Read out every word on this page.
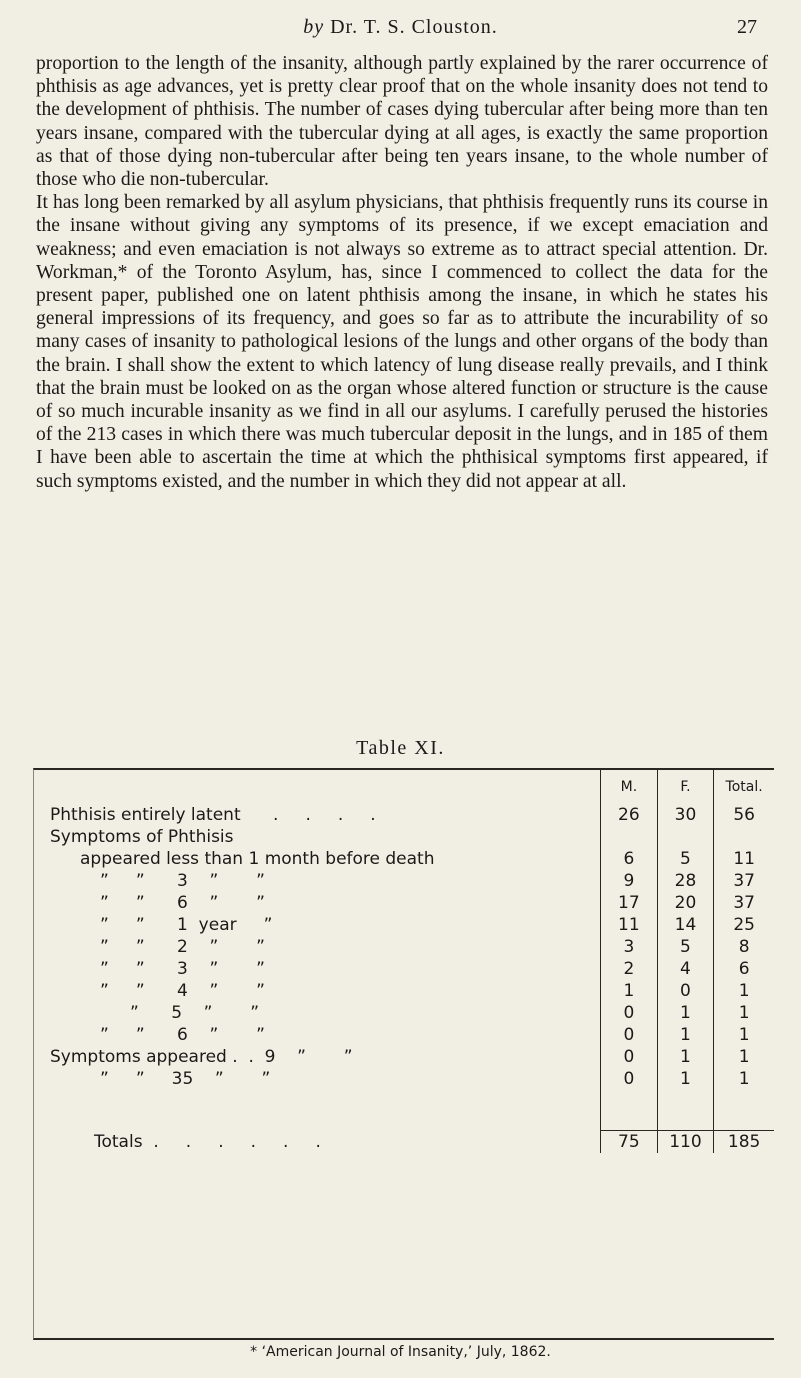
by Dr. T. S. Clouston.	27

proportion to the length of the insanity, although partly explained by the rarer occurrence of phthisis as age advances, yet is pretty clear proof that on the whole insanity does not tend to the development of phthisis. The number of cases dying tubercular after being more than ten years insane, compared with the tubercular dying at all ages, is exactly the same proportion as that of those dying non-tubercular after being ten years insane, to the whole number of those who die non-tubercular.

It has long been remarked by all asylum physicians, that phthisis frequently runs its course in the insane without giving any symptoms of its presence, if we except emaciation and weakness; and even emaciation is not always so extreme as to attract special attention. Dr. Workman,* of the Toronto Asylum, has, since I commenced to collect the data for the present paper, published one on latent phthisis among the insane, in which he states his general impressions of its frequency, and goes so far as to attribute the incurability of so many cases of insanity to pathological lesions of the lungs and other organs of the body than the brain. I shall show the extent to which latency of lung disease really prevails, and I think that the brain must be looked on as the organ whose altered function or structure is the cause of so much incurable insanity as we find in all our asylums. I carefully perused the histories of the 213 cases in which there was much tubercular deposit in the lungs, and in 185 of them I have been able to ascertain the time at which the phthisical symptoms first appeared, if such symptoms existed, and the number in which they did not appear at all.

Table XI.
	M.	F.	Total.
Phthisis entirely latent      .     .     .     .	26	30	56
Symptoms of Phthisis			
appeared less than 1 month before death	6	5	11
”     ”      3    ”       ”	9	28	37
”     ”      6    ”       ”	17	20	37
”     ”      1  year     ”	11	14	25
”     ”      2    ”       ”	3	5	8
”     ”      3    ”       ”	2	4	6
”     ”      4    ”       ”	1	0	1
”      5    ”       ”	0	1	1
”     ”      6    ”       ”	0	1	1
Symptoms appeared .  .  9    ”       ”	0	1	1
”     ”     35    ”       ”	0	1	1

Totals  .     .     .     .     .     .	75	110	185
* ‘American Journal of Insanity,’ July, 1862.
